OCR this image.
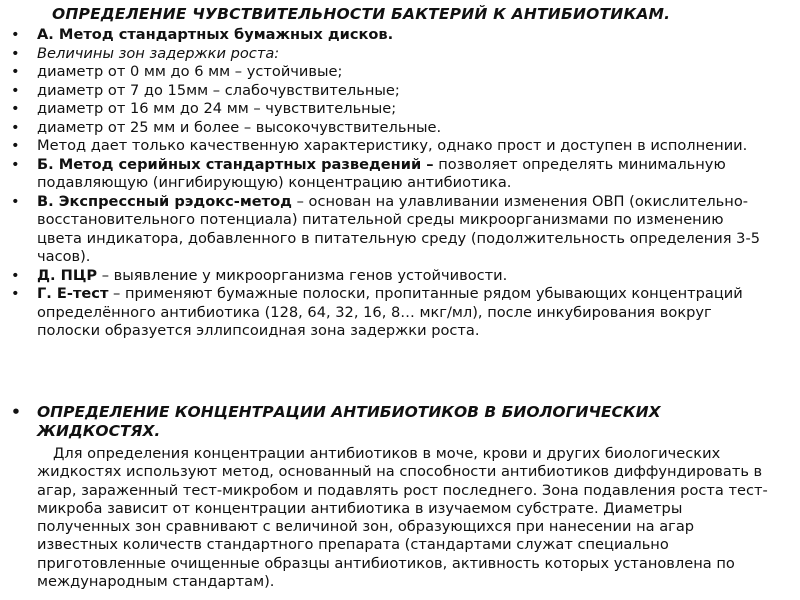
ОПРЕДЕЛЕНИЕ ЧУВСТВИТЕЛЬНОСТИ БАКТЕРИЙ К АНТИБИОТИКАМ.
• А. Метод стандартных бумажных дисков.
• Величины зон задержки роста:
• диаметр от 0 мм до 6 мм – устойчивые;
• диаметр от 7 до 15мм – слабочувствительные;
• диаметр от 16 мм до 24 мм – чувствительные;
• диаметр от 25 мм и более – высокочувствительные.
• Метод дает только качественную характеристику, однако прост и доступен в исполнении.
• Б. Метод серийных стандартных разведений – позволяет определять минимальную подавляющую (ингибирующую) концентрацию антибиотика.
• В. Экспрессный рэдокс-метод – основан на улавливании изменения ОВП (окислительно-восстановительного потенциала) питательной среды микроорганизмами по изменению цвета индикатора, добавленного в питательную среду (подолжительность определения 3-5 часов).
• Д. ПЦР – выявление у микроорганизма генов устойчивости.
• Г. Е-тест – применяют бумажные полоски, пропитанные рядом убывающих концентраций определённого антибиотика (128, 64, 32, 16, 8… мкг/мл), после инкубирования вокруг полоски образуется эллипсоидная зона задержки роста.
• ОПРЕДЕЛЕНИЕ КОНЦЕНТРАЦИИ АНТИБИОТИКОВ В БИОЛОГИЧЕСКИХ ЖИДКОСТЯХ.
Для определения концентрации антибиотиков в моче, крови и других биологических жидкостях используют метод, основанный на способности антибиотиков диффундировать в агар, зараженный тест-микробом и подавлять рост последнего. Зона подавления роста тест-микроба зависит от концентрации антибиотика в изучаемом субстрате. Диаметры полученных зон сравнивают с величиной зон, образующихся при нанесении на агар известных количеств стандартного препарата (стандартами служат специально приготовленные очищенные образцы антибиотиков, активность которых установлена по международным стандартам).
